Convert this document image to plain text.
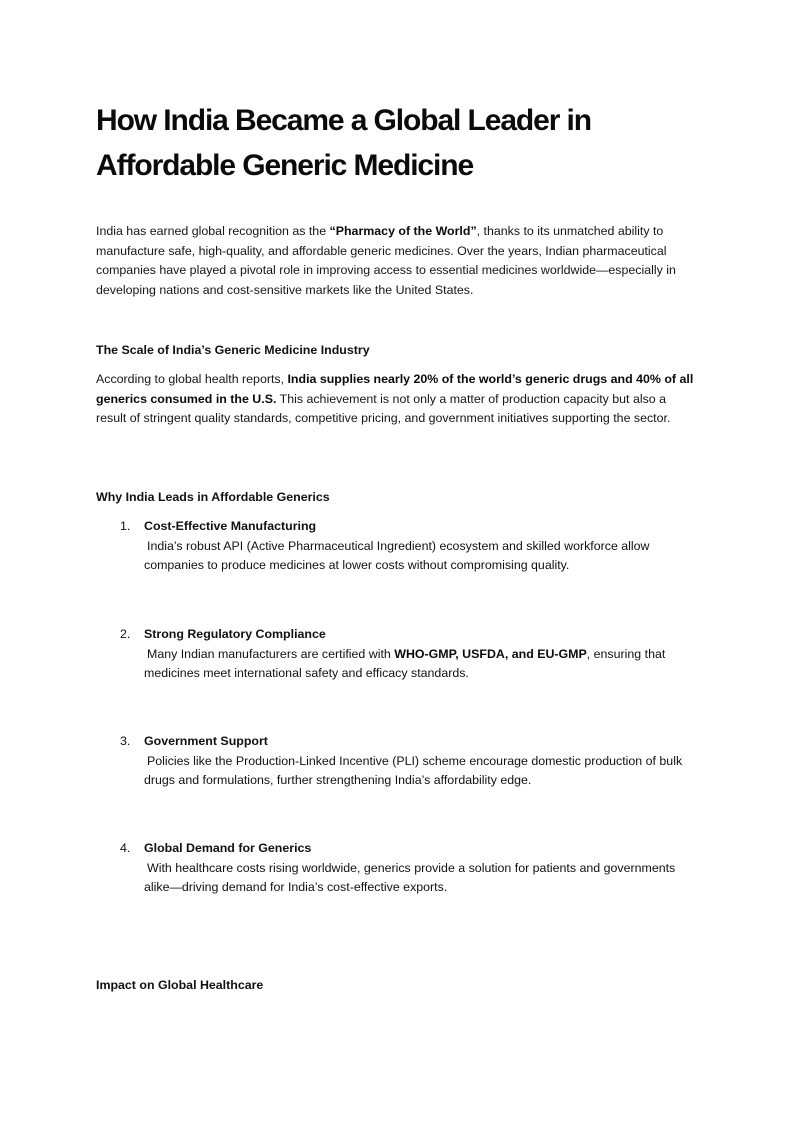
How India Became a Global Leader in Affordable Generic Medicine

India has earned global recognition as the “Pharmacy of the World”, thanks to its unmatched ability to manufacture safe, high-quality, and affordable generic medicines. Over the years, Indian pharmaceutical companies have played a pivotal role in improving access to essential medicines worldwide—especially in developing nations and cost-sensitive markets like the United States.

The Scale of India’s Generic Medicine Industry

According to global health reports, India supplies nearly 20% of the world’s generic drugs and 40% of all generics consumed in the U.S. This achievement is not only a matter of production capacity but also a result of stringent quality standards, competitive pricing, and government initiatives supporting the sector.

Why India Leads in Affordable Generics
1. Cost-Effective Manufacturing
India’s robust API (Active Pharmaceutical Ingredient) ecosystem and skilled workforce allow companies to produce medicines at lower costs without compromising quality.

2. Strong Regulatory Compliance
Many Indian manufacturers are certified with WHO-GMP, USFDA, and EU-GMP, ensuring that medicines meet international safety and efficacy standards.

3. Government Support
Policies like the Production-Linked Incentive (PLI) scheme encourage domestic production of bulk drugs and formulations, further strengthening India’s affordability edge.

4. Global Demand for Generics
With healthcare costs rising worldwide, generics provide a solution for patients and governments alike—driving demand for India’s cost-effective exports.

Impact on Global Healthcare
